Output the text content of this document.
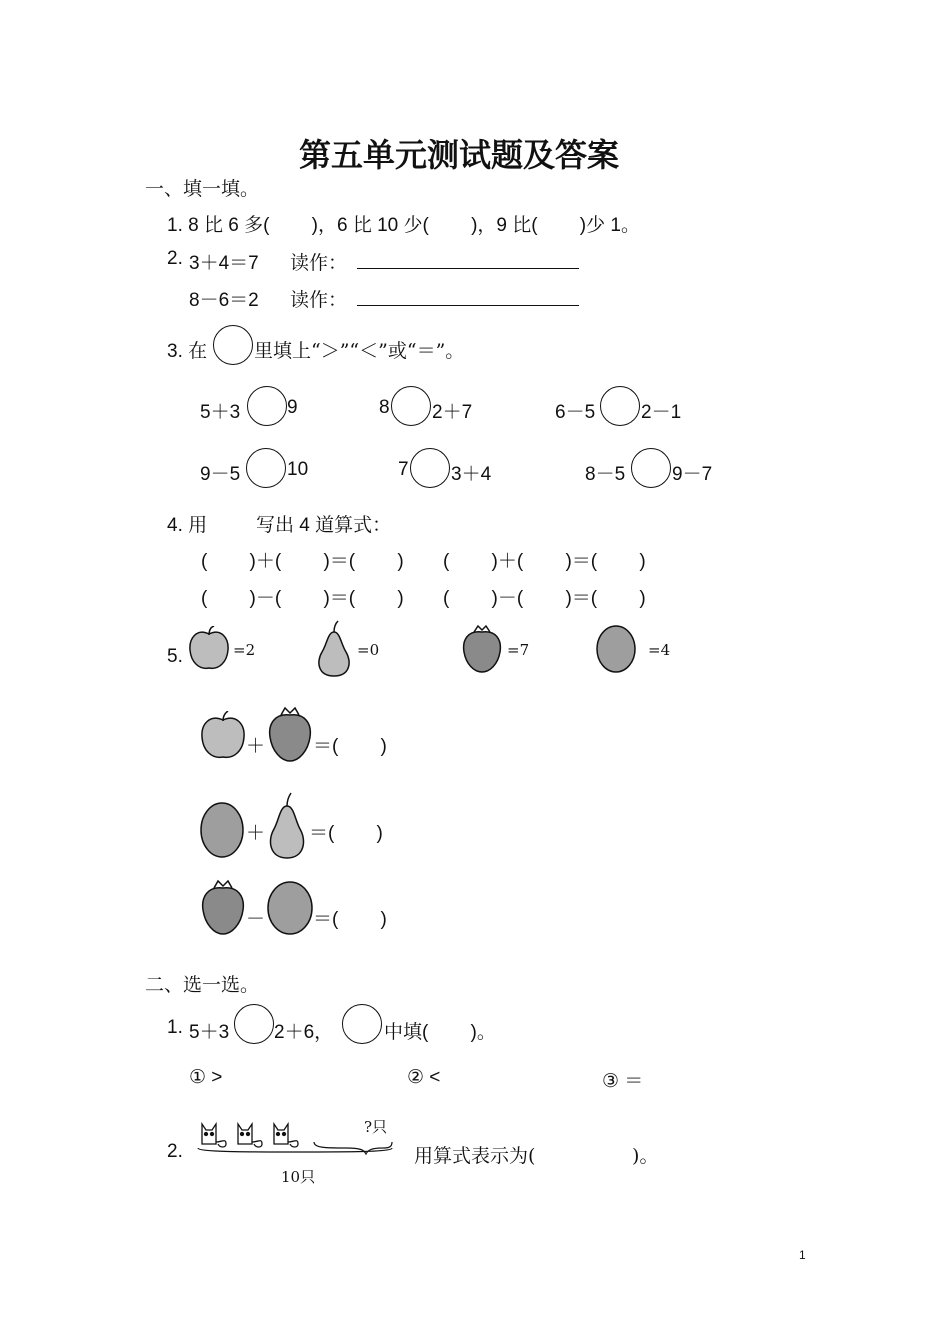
第五单元测试题及答案
一、填一填。
1. 8 比 6 多(        )，6 比 10 少(        )，9 比(        )少 1。
2. 3＋4＝7 读作：
8－6＝2 读作：
3. 在 里填上“＞”“＜”或“＝”。
5＋3 9	8 2＋7	6－5 2－1
9－5 10	7 3＋4	8－5 9－7
4. 用	写出 4 道算式：
(        )＋(        )＝(        ) (        )＋(        )＝(        )
(        )－(        )＝(        ) (        )－(        )＝(        )
5.	=2	=0	=7	=4
＋	＝(        )
＋ ＝(        )
－	＝(        )
二、选一选。
1. 5＋3 2＋6，	中填(        )。
① >	② <	③ ＝
2.
?只
10只
用算式表示为(                )。
1
